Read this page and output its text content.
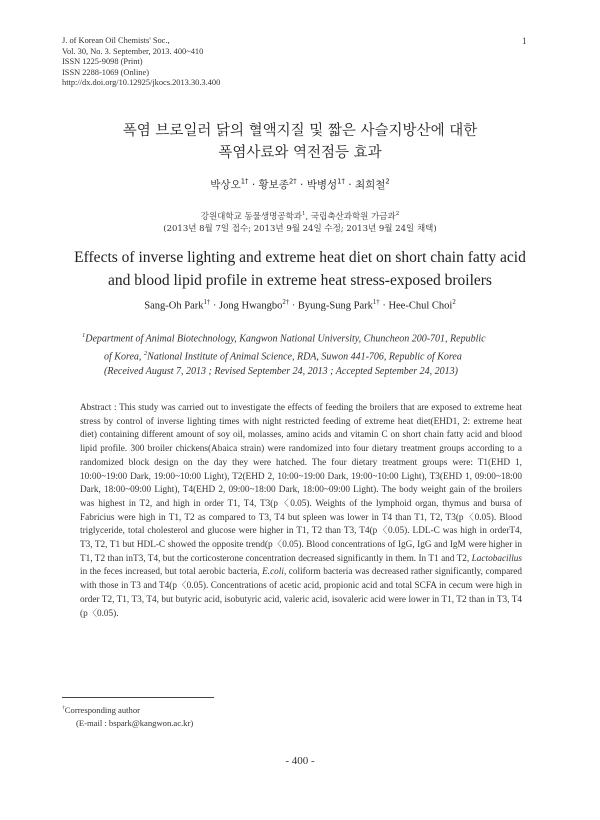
J. of Korean Oil Chemists' Soc.,
Vol. 30, No. 3. September, 2013. 400~410
ISSN 1225-9098 (Print)
ISSN 2288-1069 (Online)
http://dx.doi.org/10.12925/jkocs.2013.30.3.400
1
폭염 브로일러 닭의 혈액지질 및 짧은 사슬지방산에 대한
폭염사료와 역전점등 효과
박상오$^{1\dagger}$ · 황보종$^{2\dagger}$ · 박병성$^{1\dagger}$ · 최희철$^2$
강원대학교 동물생명공학과$^1$, 국립축산과학원 가금과$^2$
(2013년 8월 7일 접수; 2013년 9월 24일 수정; 2013년 9월 24일 채택)
Effects of inverse lighting and extreme heat diet on short chain fatty acid
and blood lipid profile in extreme heat stress-exposed broilers
Sang-Oh Park$^{1\dagger}$ · Jong Hwangbo$^{2\dagger}$ · Byung-Sung Park$^{1\dagger}$ · Hee-Chul Choi$^2$
$^1$Department of Animal Biotechnology, Kangwon National University, Chuncheon 200-701, Republic
of Korea, $^2$National Institute of Animal Science, RDA, Suwon 441-706, Republic of Korea
(Received August 7, 2013 ; Revised September 24, 2013 ; Accepted September 24, 2013)
Abstract : This study was carried out to investigate the effects of feeding the broilers that are exposed to extreme heat stress by control of inverse lighting times with night restricted feeding of extreme heat diet(EHD1, 2: extreme heat diet) containing different amount of soy oil, molasses, amino acids and vitamin C on short chain fatty acid and blood lipid profile. 300 broiler chickens(Abaica strain) were randomized into four dietary treatment groups according to a randomized block design on the day they were hatched. The four dietary treatment groups were: T1(EHD 1, 10:00~19:00 Dark, 19:00~10:00 Light), T2(EHD 2, 10:00~19:00 Dark, 19:00~10:00 Light), T3(EHD 1, 09:00~18:00 Dark, 18:00~09:00 Light), T4(EHD 2, 09:00~18:00 Dark, 18:00~09:00 Light). The body weight gain of the broilers was highest in T2, and high in order T1, T4, T3(p〈0.05). Weights of the lymphoid organ, thymus and bursa of Fabricius were high in T1, T2 as compared to T3, T4 but spleen was lower in T4 than T1, T2, T3(p〈0.05). Blood triglyceride, total cholesterol and glucose were higher in T1, T2 than T3, T4(p〈0.05). LDL-C was high in orderT4, T3, T2, T1 but HDL-C showed the opposite trend(p〈0.05). Blood concentrations of IgG, IgG and IgM were higher in T1, T2 than inT3, T4, but the corticosterone concentration decreased significantly in them. In T1 and T2, Lactobacillus in the feces increased, but total aerobic bacteria, E.coli, coliform bacteria was decreased rather significantly, compared with those in T3 and T4(p〈0.05). Concentrations of acetic acid, propionic acid and total SCFA in cecum were high in order T2, T1, T3, T4, but butyric acid, isobutyric acid, valeric acid, isovaleric acid were lower in T1, T2 than in T3, T4 (p〈0.05).
†Corresponding author
(E-mail : bspark@kangwon.ac.kr)
- 400 -
